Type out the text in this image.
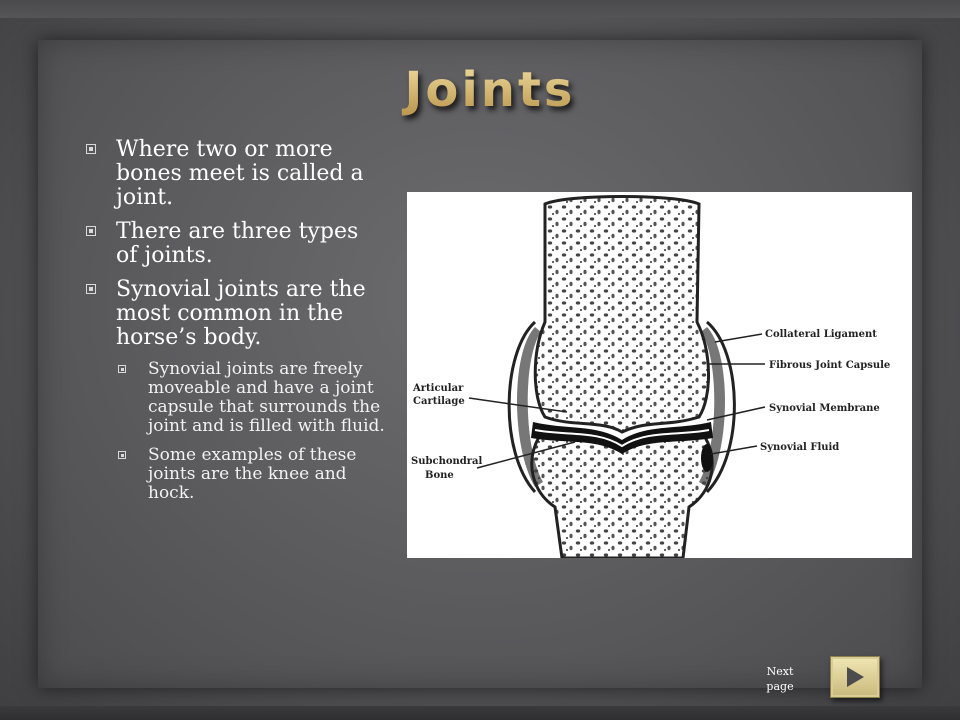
Joints
Where two or more bones meet is called a joint.
There are three types of joints.
Synovial joints are the most common in the horse’s body.
Synovial joints are freely moveable and have a joint capsule that surrounds the joint and is filled with fluid.
Some examples of these joints are the knee and hock.
Collateral Ligament
Fibrous Joint Capsule
Synovial Membrane
Synovial Fluid
Articular
Cartilage
Subchondral
Bone
Next
page
